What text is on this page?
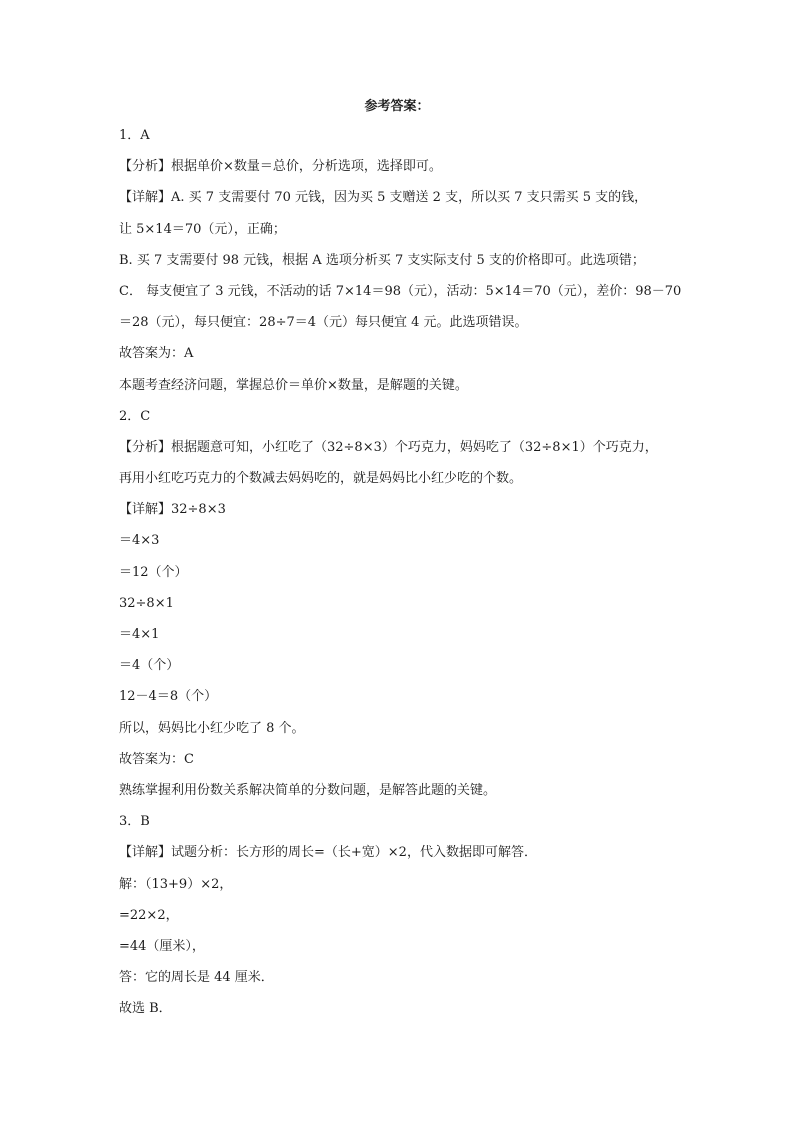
参考答案：

1．A

【分析】根据单价×数量＝总价，分析选项，选择即可。

【详解】A. 买 7 支需要付 70 元钱，因为买 5 支赠送 2 支，所以买 7 支只需买 5 支的钱，

让 5×14＝70（元），正确；

B. 买 7 支需要付 98 元钱，根据 A 选项分析买 7 支实际支付 5 支的价格即可。此选项错；

C． 每支便宜了 3 元钱，不活动的话 7×14＝98（元），活动：5×14＝70（元），差价：98－70

＝28（元），每只便宜：28÷7＝4（元）每只便宜 4 元。此选项错误。

故答案为：A

本题考查经济问题，掌握总价＝单价×数量，是解题的关键。

2．C

【分析】根据题意可知，小红吃了（32÷8×3）个巧克力，妈妈吃了（32÷8×1）个巧克力，

再用小红吃巧克力的个数减去妈妈吃的，就是妈妈比小红少吃的个数。

【详解】32÷8×3

＝4×3

＝12（个）

32÷8×1

＝4×1

＝4（个）

12－4＝8（个）

所以，妈妈比小红少吃了 8 个。

故答案为：C

熟练掌握利用份数关系解决简单的分数问题，是解答此题的关键。

3．B

【详解】试题分析：长方形的周长=（长+宽）×2，代入数据即可解答．

解：（13+9）×2，

=22×2，

=44（厘米），

答：它的周长是 44 厘米．

故选 B．
